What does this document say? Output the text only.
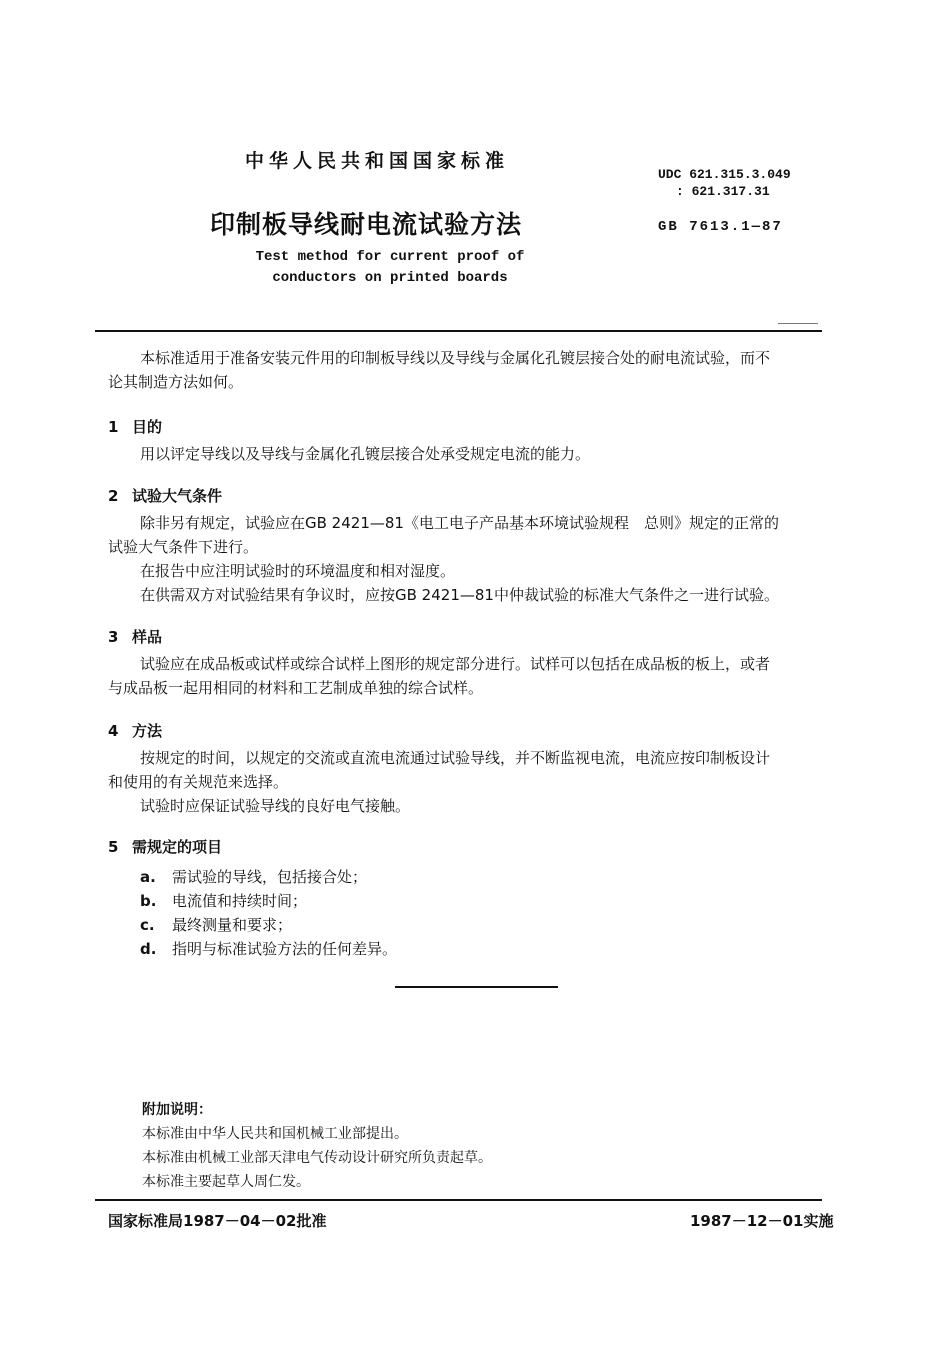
中华人民共和国国家标准
UDC 621.315.3.049
: 621.317.31
印制板导线耐电流试验方法	GB 7613.1—87
Test method for current proof of
conductors on printed boards
本标准适用于准备安装元件用的印制板导线以及导线与金属化孔镀层接合处的耐电流试验，而不
论其制造方法如何。
1 目的
用以评定导线以及导线与金属化孔镀层接合处承受规定电流的能力。
2 试验大气条件
除非另有规定，试验应在GB 2421—81《电工电子产品基本环境试验规程　总则》规定的正常的
试验大气条件下进行。
在报告中应注明试验时的环境温度和相对湿度。
在供需双方对试验结果有争议时，应按GB 2421—81中仲裁试验的标准大气条件之一进行试验。
3 样品
试验应在成品板或试样或综合试样上图形的规定部分进行。试样可以包括在成品板的板上，或者
与成品板一起用相同的材料和工艺制成单独的综合试样。
4 方法
按规定的时间，以规定的交流或直流电流通过试验导线，并不断监视电流，电流应按印制板设计
和使用的有关规范来选择。
试验时应保证试验导线的良好电气接触。
5 需规定的项目
a. 需试验的导线，包括接合处；
b. 电流值和持续时间；
c. 最终测量和要求；
d. 指明与标准试验方法的任何差异。
附加说明：
本标准由中华人民共和国机械工业部提出。
本标准由机械工业部天津电气传动设计研究所负责起草。
本标准主要起草人周仁发。
国家标准局1987－04－02批准	1987－12－01实施
